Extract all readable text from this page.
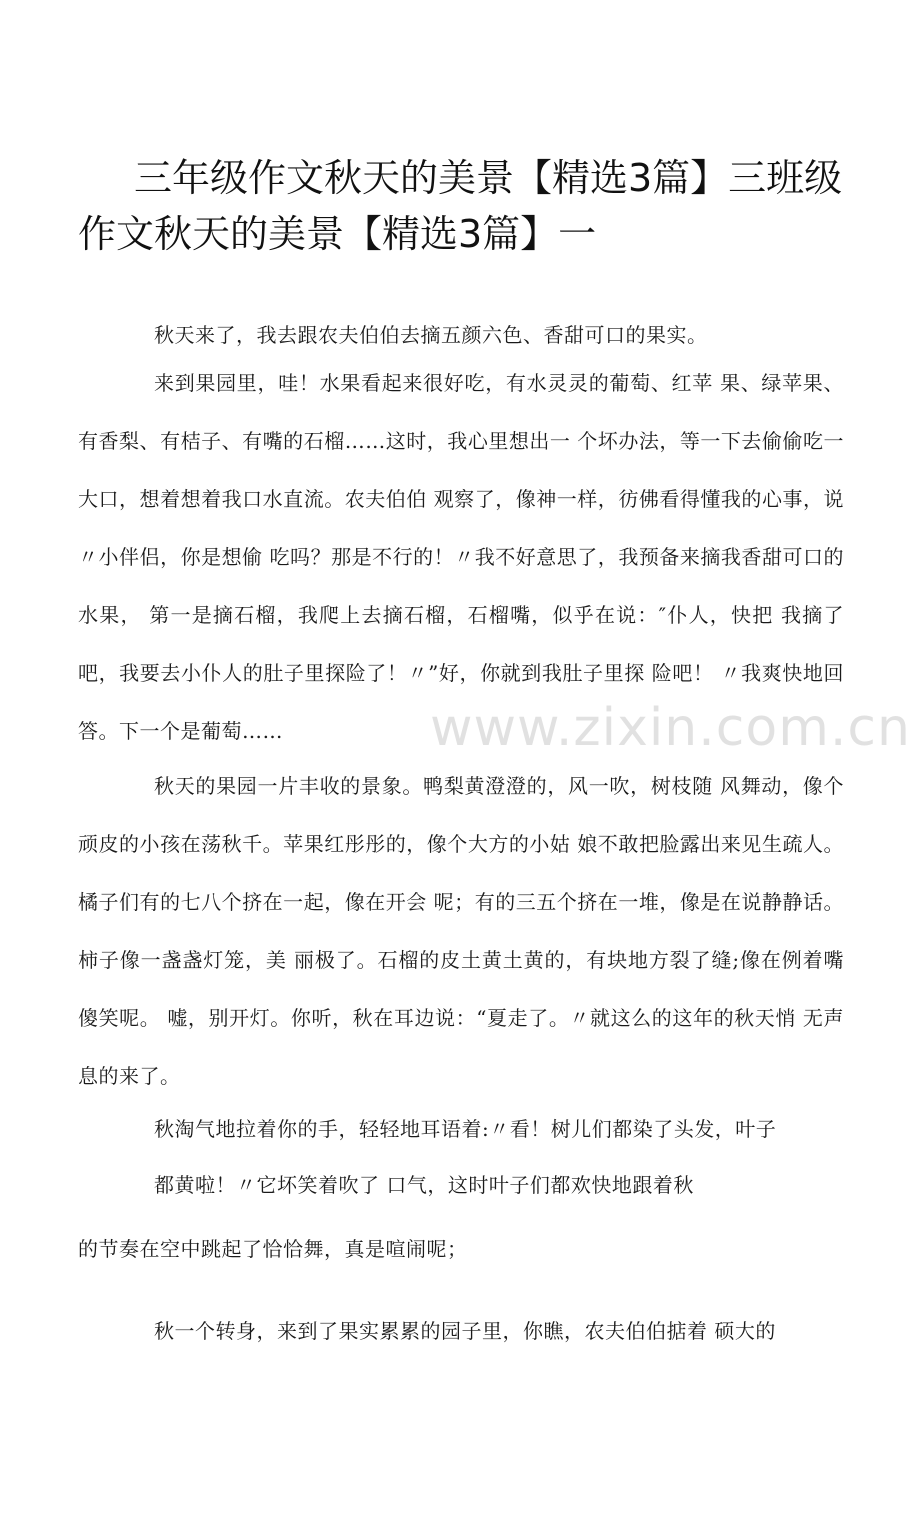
三年级作文秋天的美景【精选3篇】三班级作文秋天的美景【精选3篇】一

秋天来了，我去跟农夫伯伯去摘五颜六色、香甜可口的果实。

来到果园里，哇！水果看起来很好吃，有水灵灵的葡萄、红苹 果、绿苹果、有香梨、有桔子、有嘴的石榴……这时，我心里想出一 个坏办法，等一下去偷偷吃一大口，想着想着我口水直流。农夫伯伯 观察了，像神一样，彷佛看得懂我的心事，说〃小伴侣，你是想偷 吃吗？那是不行的！〃我不好意思了，我预备来摘我香甜可口的水果， 第一是摘石榴，我爬上去摘石榴，石榴嘴，似乎在说：″仆人，快把 我摘了吧，我要去小仆人的肚子里探险了！〃”好，你就到我肚子里探 险吧！ 〃我爽快地回答。下一个是葡萄……

秋天的果园一片丰收的景象。鸭梨黄澄澄的，风一吹，树枝随 风舞动，像个顽皮的小孩在荡秋千。苹果红彤彤的，像个大方的小姑 娘不敢把脸露出来见生疏人。橘子们有的七八个挤在一起，像在开会 呢；有的三五个挤在一堆，像是在说静静话。柿子像一盏盏灯笼，美 丽极了。石榴的皮土黄土黄的，有块地方裂了缝;像在例着嘴傻笑呢。 嘘，别开灯。你听，秋在耳边说：“夏走了。〃就这么的这年的秋天悄 无声息的来了。

秋淘气地拉着你的手，轻轻地耳语着:〃看！树儿们都染了头发，叶子

都黄啦！〃它坏笑着吹了 口气，这时叶子们都欢快地跟着秋

的节奏在空中跳起了恰恰舞，真是喧闹呢；

秋一个转身，来到了果实累累的园子里，你瞧，农夫伯伯掂着 硕大的

www.zixin.com.cn
